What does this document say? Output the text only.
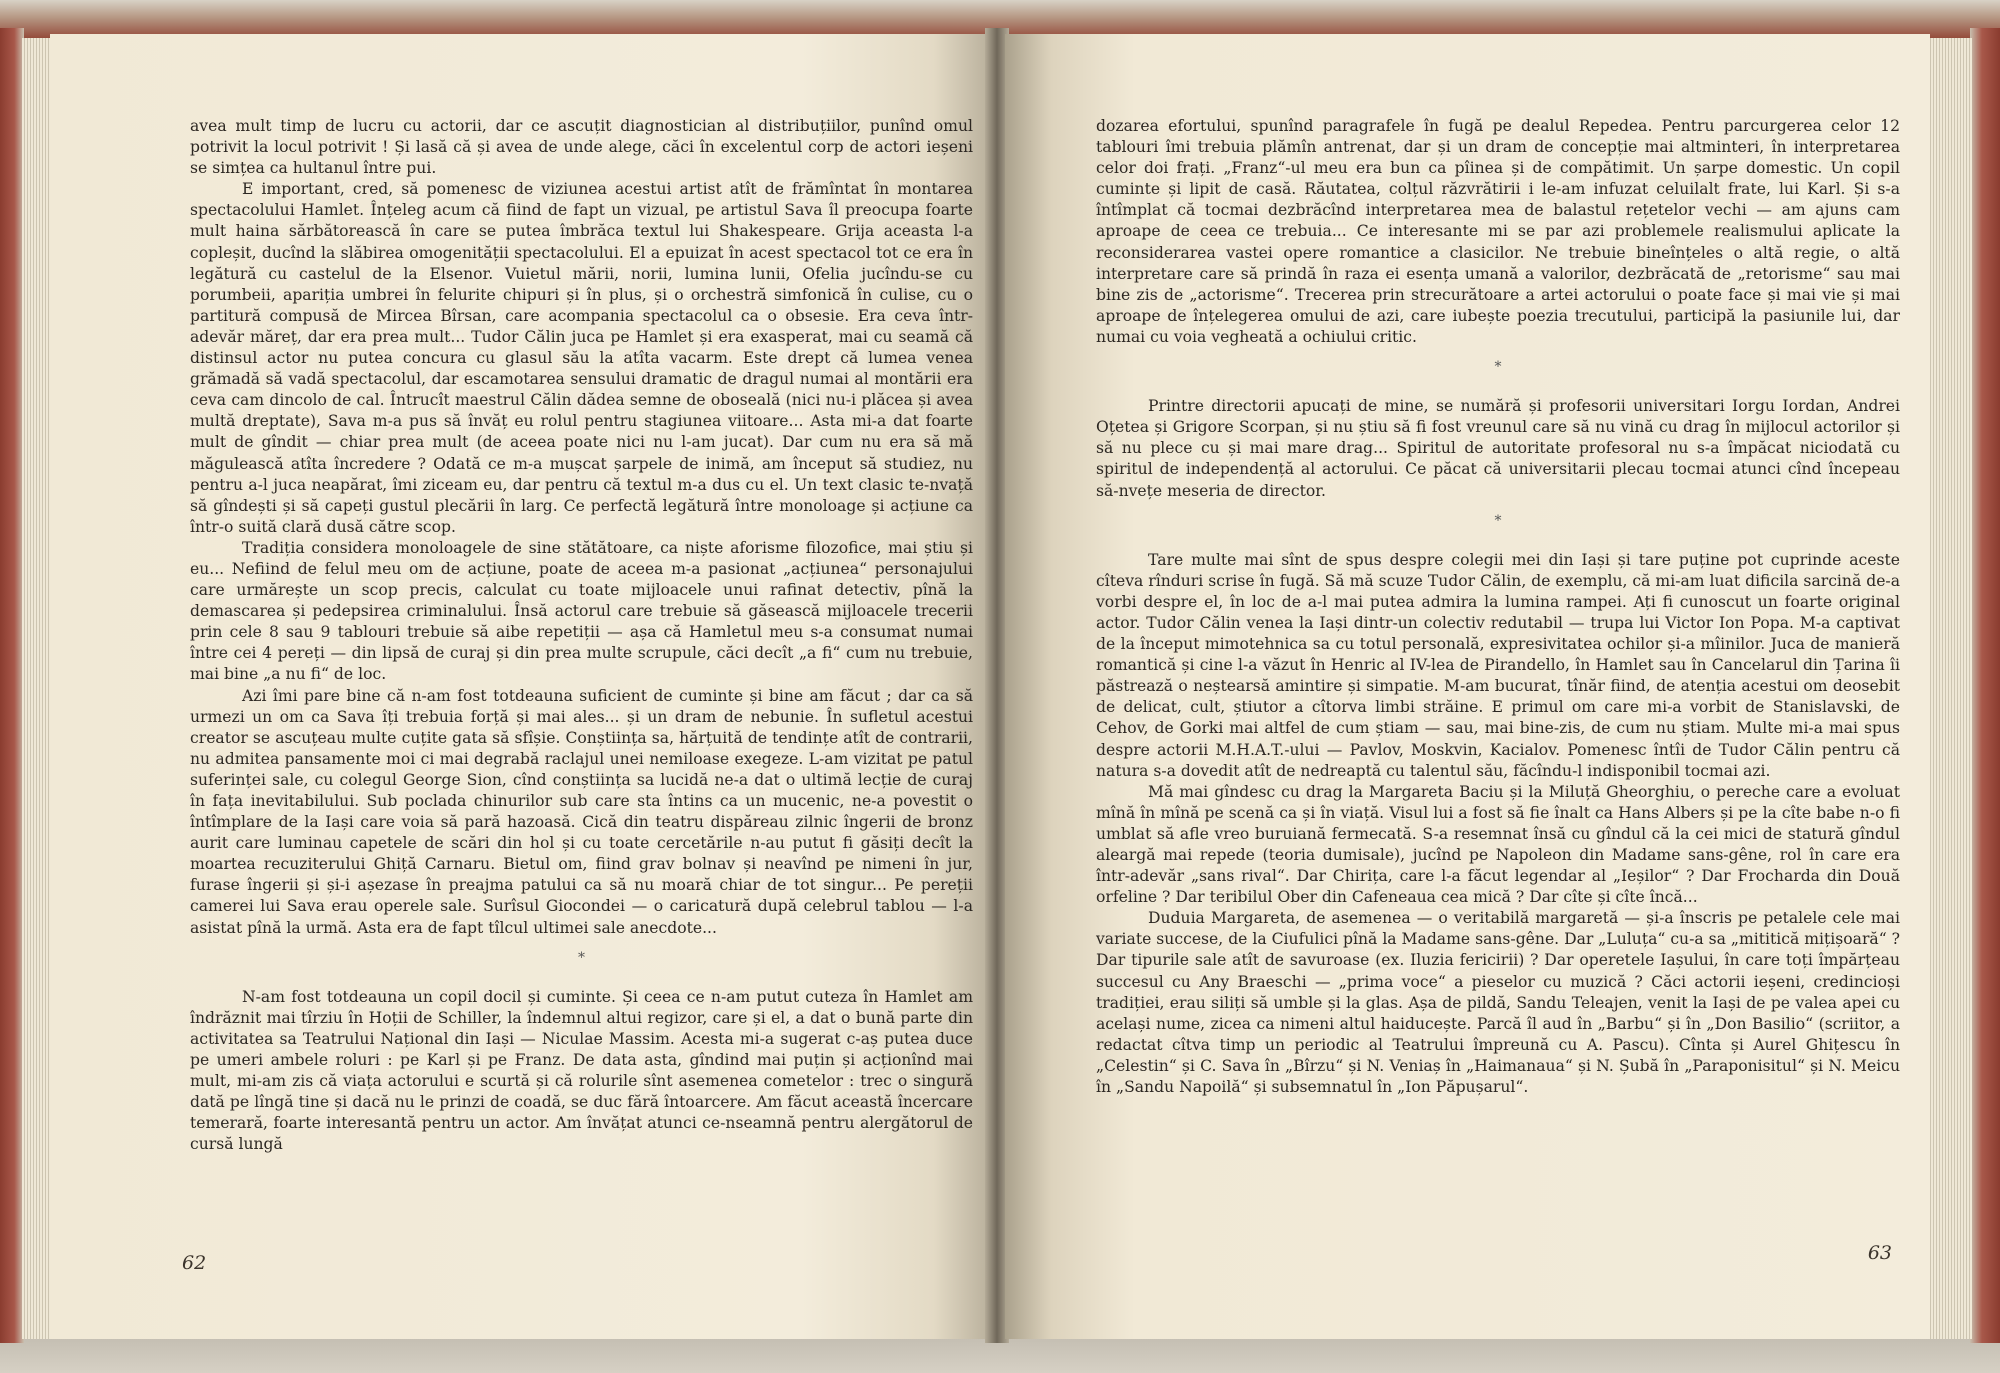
avea mult timp de lucru cu actorii, dar ce ascuțit diagnostician al distribuțiilor, punînd omul potrivit la locul potrivit ! Și lasă că și avea de unde alege, căci în excelentul corp de actori ieșeni se simțea ca hultanul între pui.

E important, cred, să pomenesc de viziunea acestui artist atît de frămîntat în montarea spectacolului Hamlet. Înțeleg acum că fiind de fapt un vizual, pe artistul Sava îl preocupa foarte mult haina sărbătorească în care se putea îmbrăca textul lui Shakespeare. Grija aceasta l-a copleșit, ducînd la slăbirea omogenității spectacolului. El a epuizat în acest spectacol tot ce era în legătură cu castelul de la Elsenor. Vuietul mării, norii, lumina lunii, Ofelia jucîndu-se cu porumbeii, apariția umbrei în felurite chipuri și în plus, și o orchestră simfonică în culise, cu o partitură compusă de Mircea Bîrsan, care acompania spectacolul ca o obsesie. Era ceva într-adevăr măreț, dar era prea mult... Tudor Călin juca pe Hamlet și era exasperat, mai cu seamă că distinsul actor nu putea concura cu glasul său la atîta vacarm. Este drept că lumea venea grămadă să vadă spectacolul, dar escamotarea sensului dramatic de dragul numai al montării era ceva cam dincolo de cal. Întrucît maestrul Călin dădea semne de oboseală (nici nu-i plăcea și avea multă dreptate), Sava m-a pus să învăț eu rolul pentru stagiunea viitoare... Asta mi-a dat foarte mult de gîndit — chiar prea mult (de aceea poate nici nu l-am jucat). Dar cum nu era să mă măgulească atîta încredere ? Odată ce m-a mușcat șarpele de inimă, am început să studiez, nu pentru a-l juca neapărat, îmi ziceam eu, dar pentru că textul m-a dus cu el. Un text clasic te-nvață să gîndești și să capeți gustul plecării în larg. Ce perfectă legătură între monoloage și acțiune ca într-o suită clară dusă către scop.

Tradiția considera monoloagele de sine stătătoare, ca niște aforisme filozofice, mai știu și eu... Nefiind de felul meu om de acțiune, poate de aceea m-a pasionat „acțiunea“ personajului care urmărește un scop precis, calculat cu toate mijloacele unui rafinat detectiv, pînă la demascarea și pedepsirea criminalului. Însă actorul care trebuie să găsească mijloacele trecerii prin cele 8 sau 9 tablouri trebuie să aibe repetiții — așa că Hamletul meu s-a consumat numai între cei 4 pereți — din lipsă de curaj și din prea multe scrupule, căci decît „a fi“ cum nu trebuie, mai bine „a nu fi“ de loc.

Azi îmi pare bine că n-am fost totdeauna suficient de cuminte și bine am făcut ; dar ca să urmezi un om ca Sava îți trebuia forță și mai ales... și un dram de nebunie. În sufletul acestui creator se ascuțeau multe cuțite gata să sfîșie. Conștiința sa, hărțuită de tendințe atît de contrarii, nu admitea pansamente moi ci mai degrabă raclajul unei nemiloase exegeze. L-am vizitat pe patul suferinței sale, cu colegul George Sion, cînd conștiința sa lucidă ne-a dat o ultimă lecție de curaj în fața inevitabilului. Sub poclada chinurilor sub care sta întins ca un mucenic, ne-a povestit o întîmplare de la Iași care voia să pară hazoasă. Cică din teatru dispăreau zilnic îngerii de bronz aurit care luminau capetele de scări din hol și cu toate cercetările n-au putut fi găsiți decît la moartea recuziterului Ghiță Carnaru. Bietul om, fiind grav bolnav și neavînd pe nimeni în jur, furase îngerii și și-i așezase în preajma patului ca să nu moară chiar de tot singur... Pe pereții camerei lui Sava erau operele sale. Surîsul Giocondei — o caricatură după celebrul tablou — l-a asistat pînă la urmă. Asta era de fapt tîlcul ultimei sale anecdote...

*

N-am fost totdeauna un copil docil și cuminte. Și ceea ce n-am putut cuteza în Hamlet am îndrăznit mai tîrziu în Hoții de Schiller, la îndemnul altui regizor, care și el, a dat o bună parte din activitatea sa Teatrului Național din Iași — Niculae Massim. Acesta mi-a sugerat c-aș putea duce pe umeri ambele roluri : pe Karl și pe Franz. De data asta, gîndind mai puțin și acționînd mai mult, mi-am zis că viața actorului e scurtă și că rolurile sînt asemenea cometelor : trec o singură dată pe lîngă tine și dacă nu le prinzi de coadă, se duc fără întoarcere. Am făcut această încercare temerară, foarte interesantă pentru un actor. Am învățat atunci ce-nseamnă pentru alergătorul de cursă lungă

62

dozarea efortului, spunînd paragrafele în fugă pe dealul Repedea. Pentru parcurgerea celor 12 tablouri îmi trebuia plămîn antrenat, dar și un dram de concepție mai altminteri, în interpretarea celor doi frați. „Franz“-ul meu era bun ca pîinea și de compătimit. Un șarpe domestic. Un copil cuminte și lipit de casă. Răutatea, colțul răzvrătirii i le-am infuzat celuilalt frate, lui Karl. Și s-a întîmplat că tocmai dezbrăcînd interpretarea mea de balastul rețetelor vechi — am ajuns cam aproape de ceea ce trebuia... Ce interesante mi se par azi problemele realismului aplicate la reconsiderarea vastei opere romantice a clasicilor. Ne trebuie bineînțeles o altă regie, o altă interpretare care să prindă în raza ei esența umană a valorilor, dezbrăcată de „retorisme“ sau mai bine zis de „actorisme“. Trecerea prin strecurătoare a artei actorului o poate face și mai vie și mai aproape de înțelegerea omului de azi, care iubește poezia trecutului, participă la pasiunile lui, dar numai cu voia vegheată a ochiului critic.

*

Printre directorii apucați de mine, se numără și profesorii universitari Iorgu Iordan, Andrei Oțetea și Grigore Scorpan, și nu știu să fi fost vreunul care să nu vină cu drag în mijlocul actorilor și să nu plece cu și mai mare drag... Spiritul de autoritate profesoral nu s-a împăcat niciodată cu spiritul de independență al actorului. Ce păcat că universitarii plecau tocmai atunci cînd începeau să-nvețe meseria de director.

*

Tare multe mai sînt de spus despre colegii mei din Iași și tare puține pot cuprinde aceste cîteva rînduri scrise în fugă. Să mă scuze Tudor Călin, de exemplu, că mi-am luat dificila sarcină de-a vorbi despre el, în loc de a-l mai putea admira la lumina rampei. Ați fi cunoscut un foarte original actor. Tudor Călin venea la Iași dintr-un colectiv redutabil — trupa lui Victor Ion Popa. M-a captivat de la început mimotehnica sa cu totul personală, expresivitatea ochilor și-a mîinilor. Juca de manieră romantică și cine l-a văzut în Henric al IV-lea de Pirandello, în Hamlet sau în Cancelarul din Țarina îi păstrează o neștearsă amintire și simpatie. M-am bucurat, tînăr fiind, de atenția acestui om deosebit de delicat, cult, știutor a cîtorva limbi străine. E primul om care mi-a vorbit de Stanislavski, de Cehov, de Gorki mai altfel de cum știam — sau, mai bine-zis, de cum nu știam. Multe mi-a mai spus despre actorii M.H.A.T.-ului — Pavlov, Moskvin, Kacialov. Pomenesc întîi de Tudor Călin pentru că natura s-a dovedit atît de nedreaptă cu talentul său, făcîndu-l indisponibil tocmai azi.

Mă mai gîndesc cu drag la Margareta Baciu și la Miluță Gheorghiu, o pereche care a evoluat mînă în mînă pe scenă ca și în viață. Visul lui a fost să fie înalt ca Hans Albers și pe la cîte babe n-o fi umblat să afle vreo buruiană fermecată. S-a resemnat însă cu gîndul că la cei mici de statură gîndul aleargă mai repede (teoria dumisale), jucînd pe Napoleon din Madame sans-gêne, rol în care era într-adevăr „sans rival“. Dar Chirița, care l-a făcut legendar al „Ieșilor“ ? Dar Frocharda din Două orfeline ? Dar teribilul Ober din Cafeneaua cea mică ? Dar cîte și cîte încă...

Duduia Margareta, de asemenea — o veritabilă margaretă — și-a înscris pe petalele cele mai variate succese, de la Ciufulici pînă la Madame sans-gêne. Dar „Luluța“ cu-a sa „mititică mițișoară“ ? Dar tipurile sale atît de savuroase (ex. Iluzia fericirii) ? Dar operetele Iașului, în care toți împărțeau succesul cu Any Braeschi — „prima voce“ a pieselor cu muzică ? Căci actorii ieșeni, credincioși tradiției, erau siliți să umble și la glas. Așa de pildă, Sandu Teleajen, venit la Iași de pe valea apei cu același nume, zicea ca nimeni altul haiducește. Parcă îl aud în „Barbu“ și în „Don Basilio“ (scriitor, a redactat cîtva timp un periodic al Teatrului împreună cu A. Pascu). Cînta și Aurel Ghițescu în „Celestin“ și C. Sava în „Bîrzu“ și N. Veniaș în „Haimanaua“ și N. Șubă în „Paraponisitul“ și N. Meicu în „Sandu Napoilă“ și subsemnatul în „Ion Păpușarul“.

63
